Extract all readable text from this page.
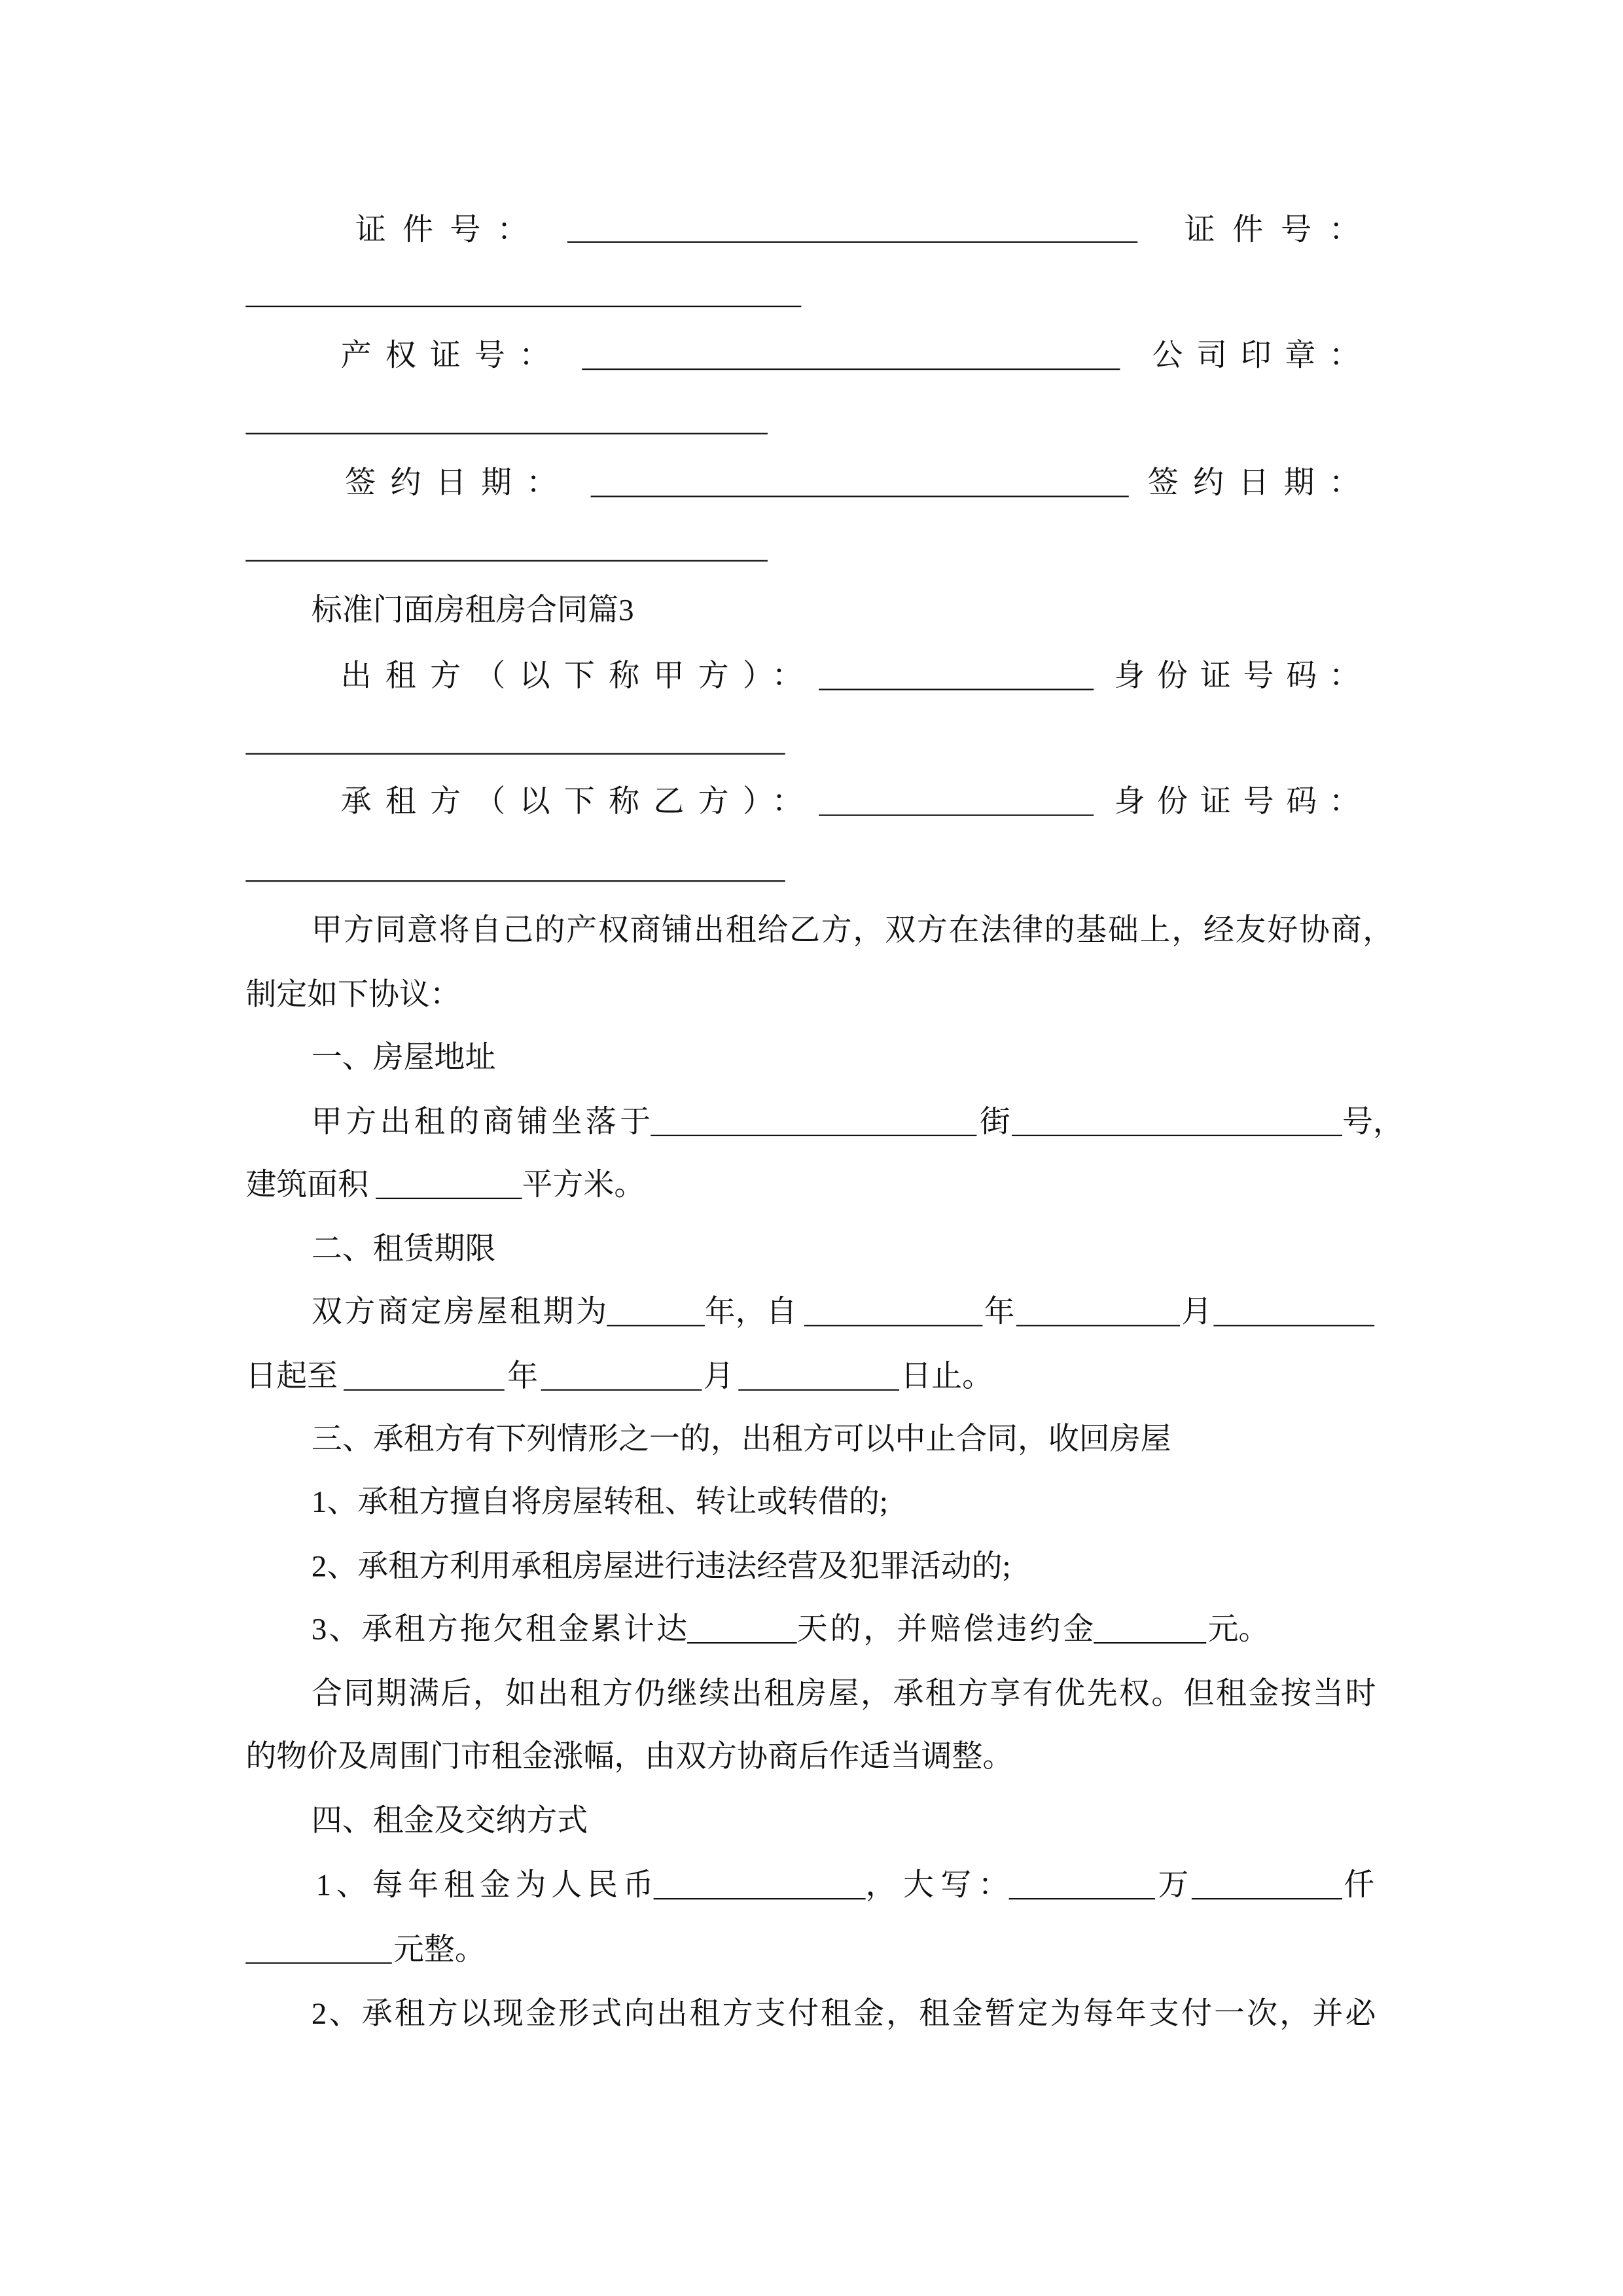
证件号：	证件号：
产权证号：	公司印章：
签约日期：	签约日期：
标准门面房租房合同篇3
出租方（以下称甲方）：	身份证号码：
承租方（以下称乙方）：	身份证号码：
甲方同意将自己的产权商铺出租给乙方，双方在法律的基础上，经友好协商，
制定如下协议：
一、房屋地址
甲方出租的商铺坐落于	街	号，
建筑面积	平方米。
二、租赁期限
双方商定房屋租期为	年，自	年	月
日起至	年	月	日止。
三、承租方有下列情形之一的，出租方可以中止合同，收回房屋
1、承租方擅自将房屋转租、转让或转借的;
2、承租方利用承租房屋进行违法经营及犯罪活动的;
3、承租方拖欠租金累计达	天的，并赔偿违约金	元。
合同期满后，如出租方仍继续出租房屋，承租方享有优先权。但租金按当时
的物价及周围门市租金涨幅，由双方协商后作适当调整。
四、租金及交纳方式
1、每年租金为人民币	，大写：	万	仟
元整。
2、承租方以现金形式向出租方支付租金，租金暂定为每年支付一次，并必
